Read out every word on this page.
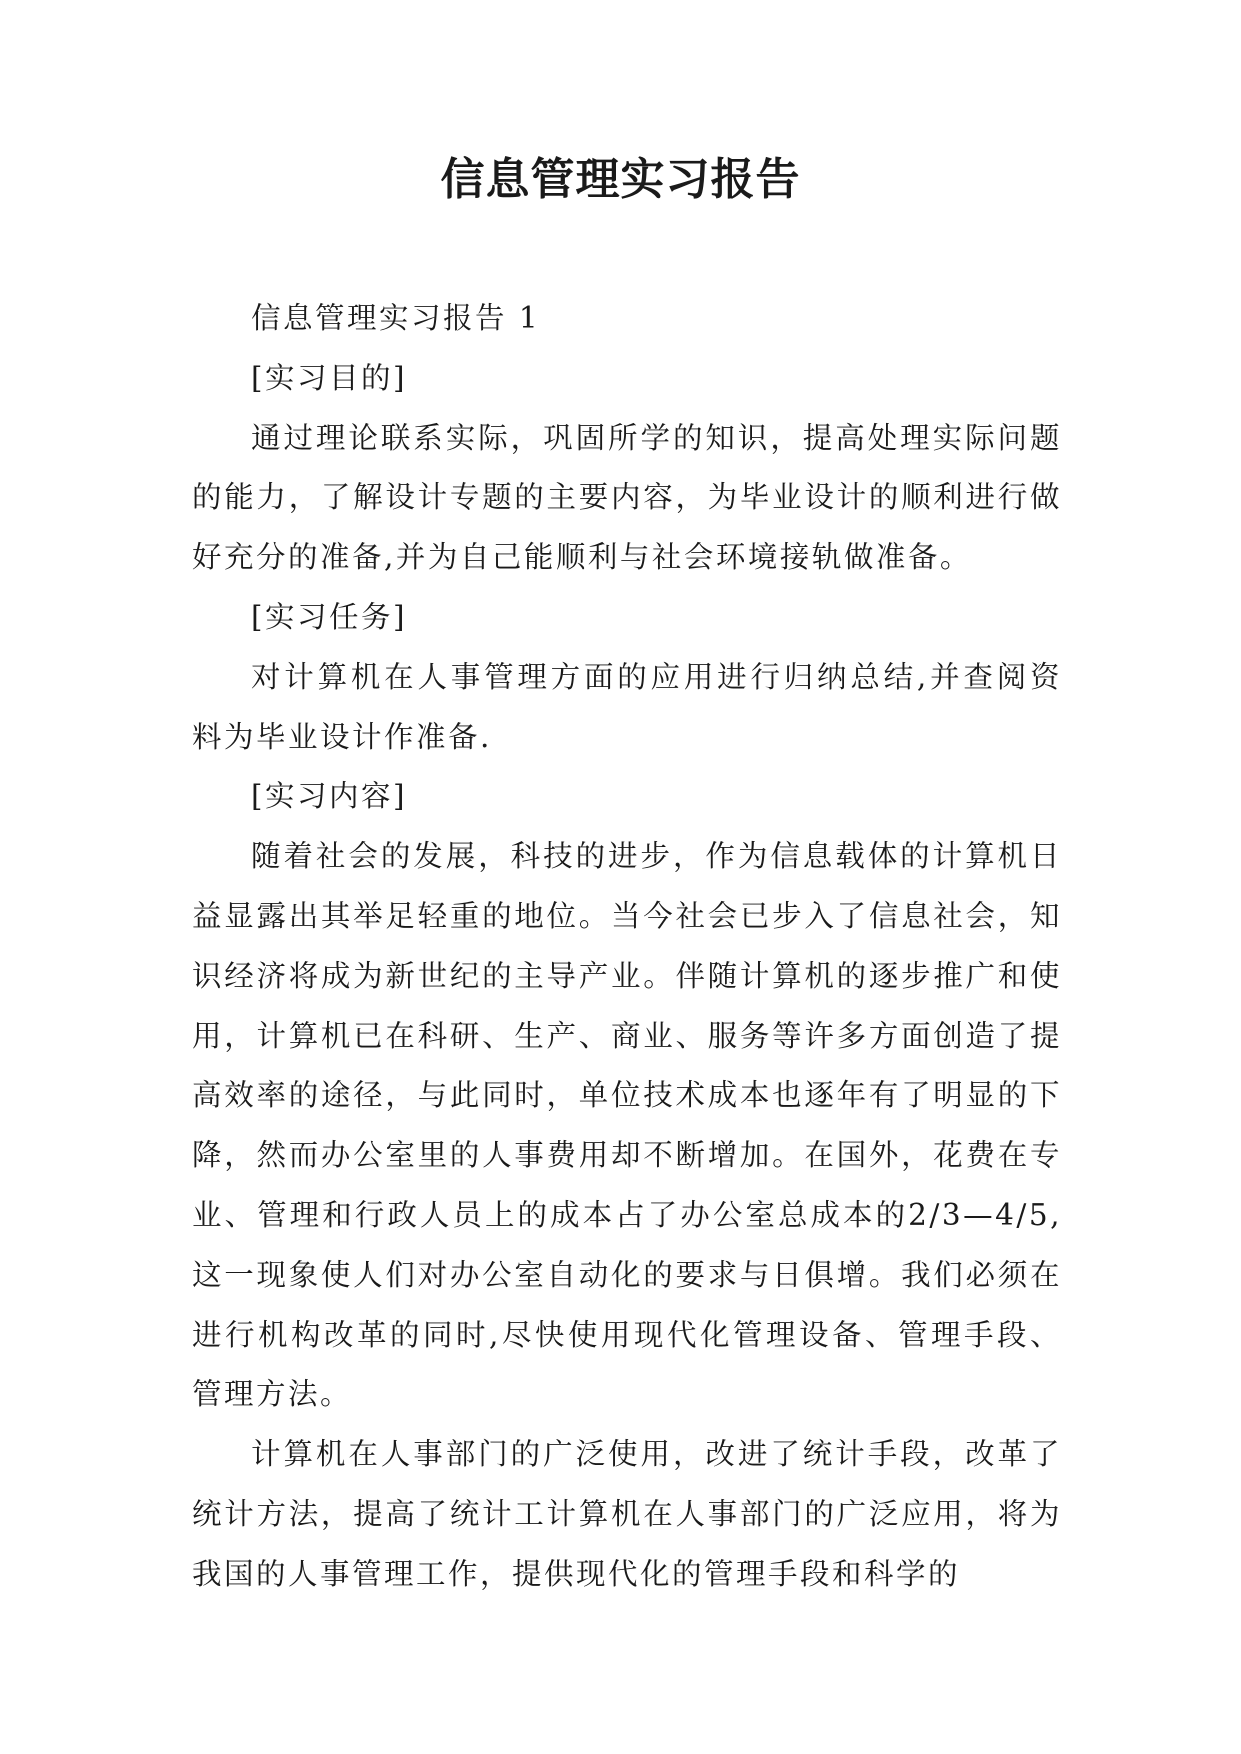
信息管理实习报告

信息管理实习报告 1

[实习目的]

通过理论联系实际，巩固所学的知识，提高处理实际问题的能力，了解设计专题的主要内容，为毕业设计的顺利进行做好充分的准备,并为自己能顺利与社会环境接轨做准备。

[实习任务]

对计算机在人事管理方面的应用进行归纳总结,并查阅资料为毕业设计作准备.

[实习内容]

随着社会的发展，科技的进步，作为信息载体的计算机日益显露出其举足轻重的地位。当今社会已步入了信息社会，知识经济将成为新世纪的主导产业。伴随计算机的逐步推广和使用，计算机已在科研、生产、商业、服务等许多方面创造了提高效率的途径，与此同时，单位技术成本也逐年有了明显的下降，然而办公室里的人事费用却不断增加。在国外，花费在专业、管理和行政人员上的成本占了办公室总成本的2/3—4/5,这一现象使人们对办公室自动化的要求与日俱增。我们必须在进行机构改革的同时,尽快使用现代化管理设备、管理手段、管理方法。

计算机在人事部门的广泛使用，改进了统计手段，改革了统计方法，提高了统计工计算机在人事部门的广泛应用，将为我国的人事管理工作，提供现代化的管理手段和科学的
